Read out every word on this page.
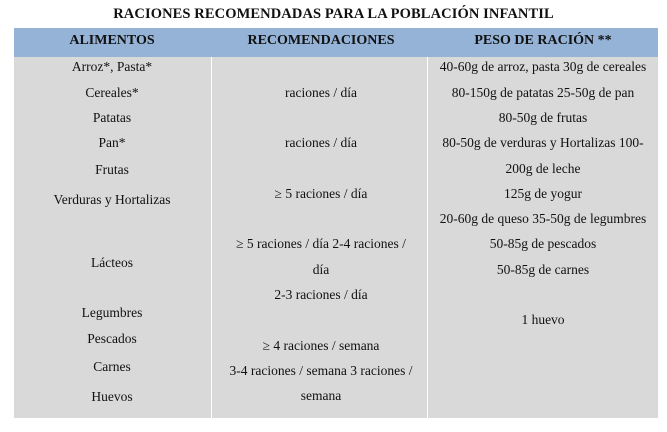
RACIONES RECOMENDADAS PARA LA POBLACIÓN INFANTIL
ALIMENTOS	RECOMENDACIONES	PESO DE RACIÓN **
Arroz*, Pasta*
Cereales*
Patatas
Pan*
Frutas
Verduras y Hortalizas
Lácteos
Legumbres
Pescados
Carnes
Huevos
raciones / día
raciones / día
≥ 5 raciones / día
≥ 5 raciones / día 2-4 raciones /
día
2-3 raciones / día
≥ 4 raciones / semana
3-4 raciones / semana 3 raciones /
semana
40-60g de arroz, pasta 30g de cereales
80-150g de patatas 25-50g de pan
80-50g de frutas
80-50g de verduras y Hortalizas 100-
200g de leche
125g de yogur
20-60g de queso 35-50g de legumbres
50-85g de pescados
50-85g de carnes
1 huevo
